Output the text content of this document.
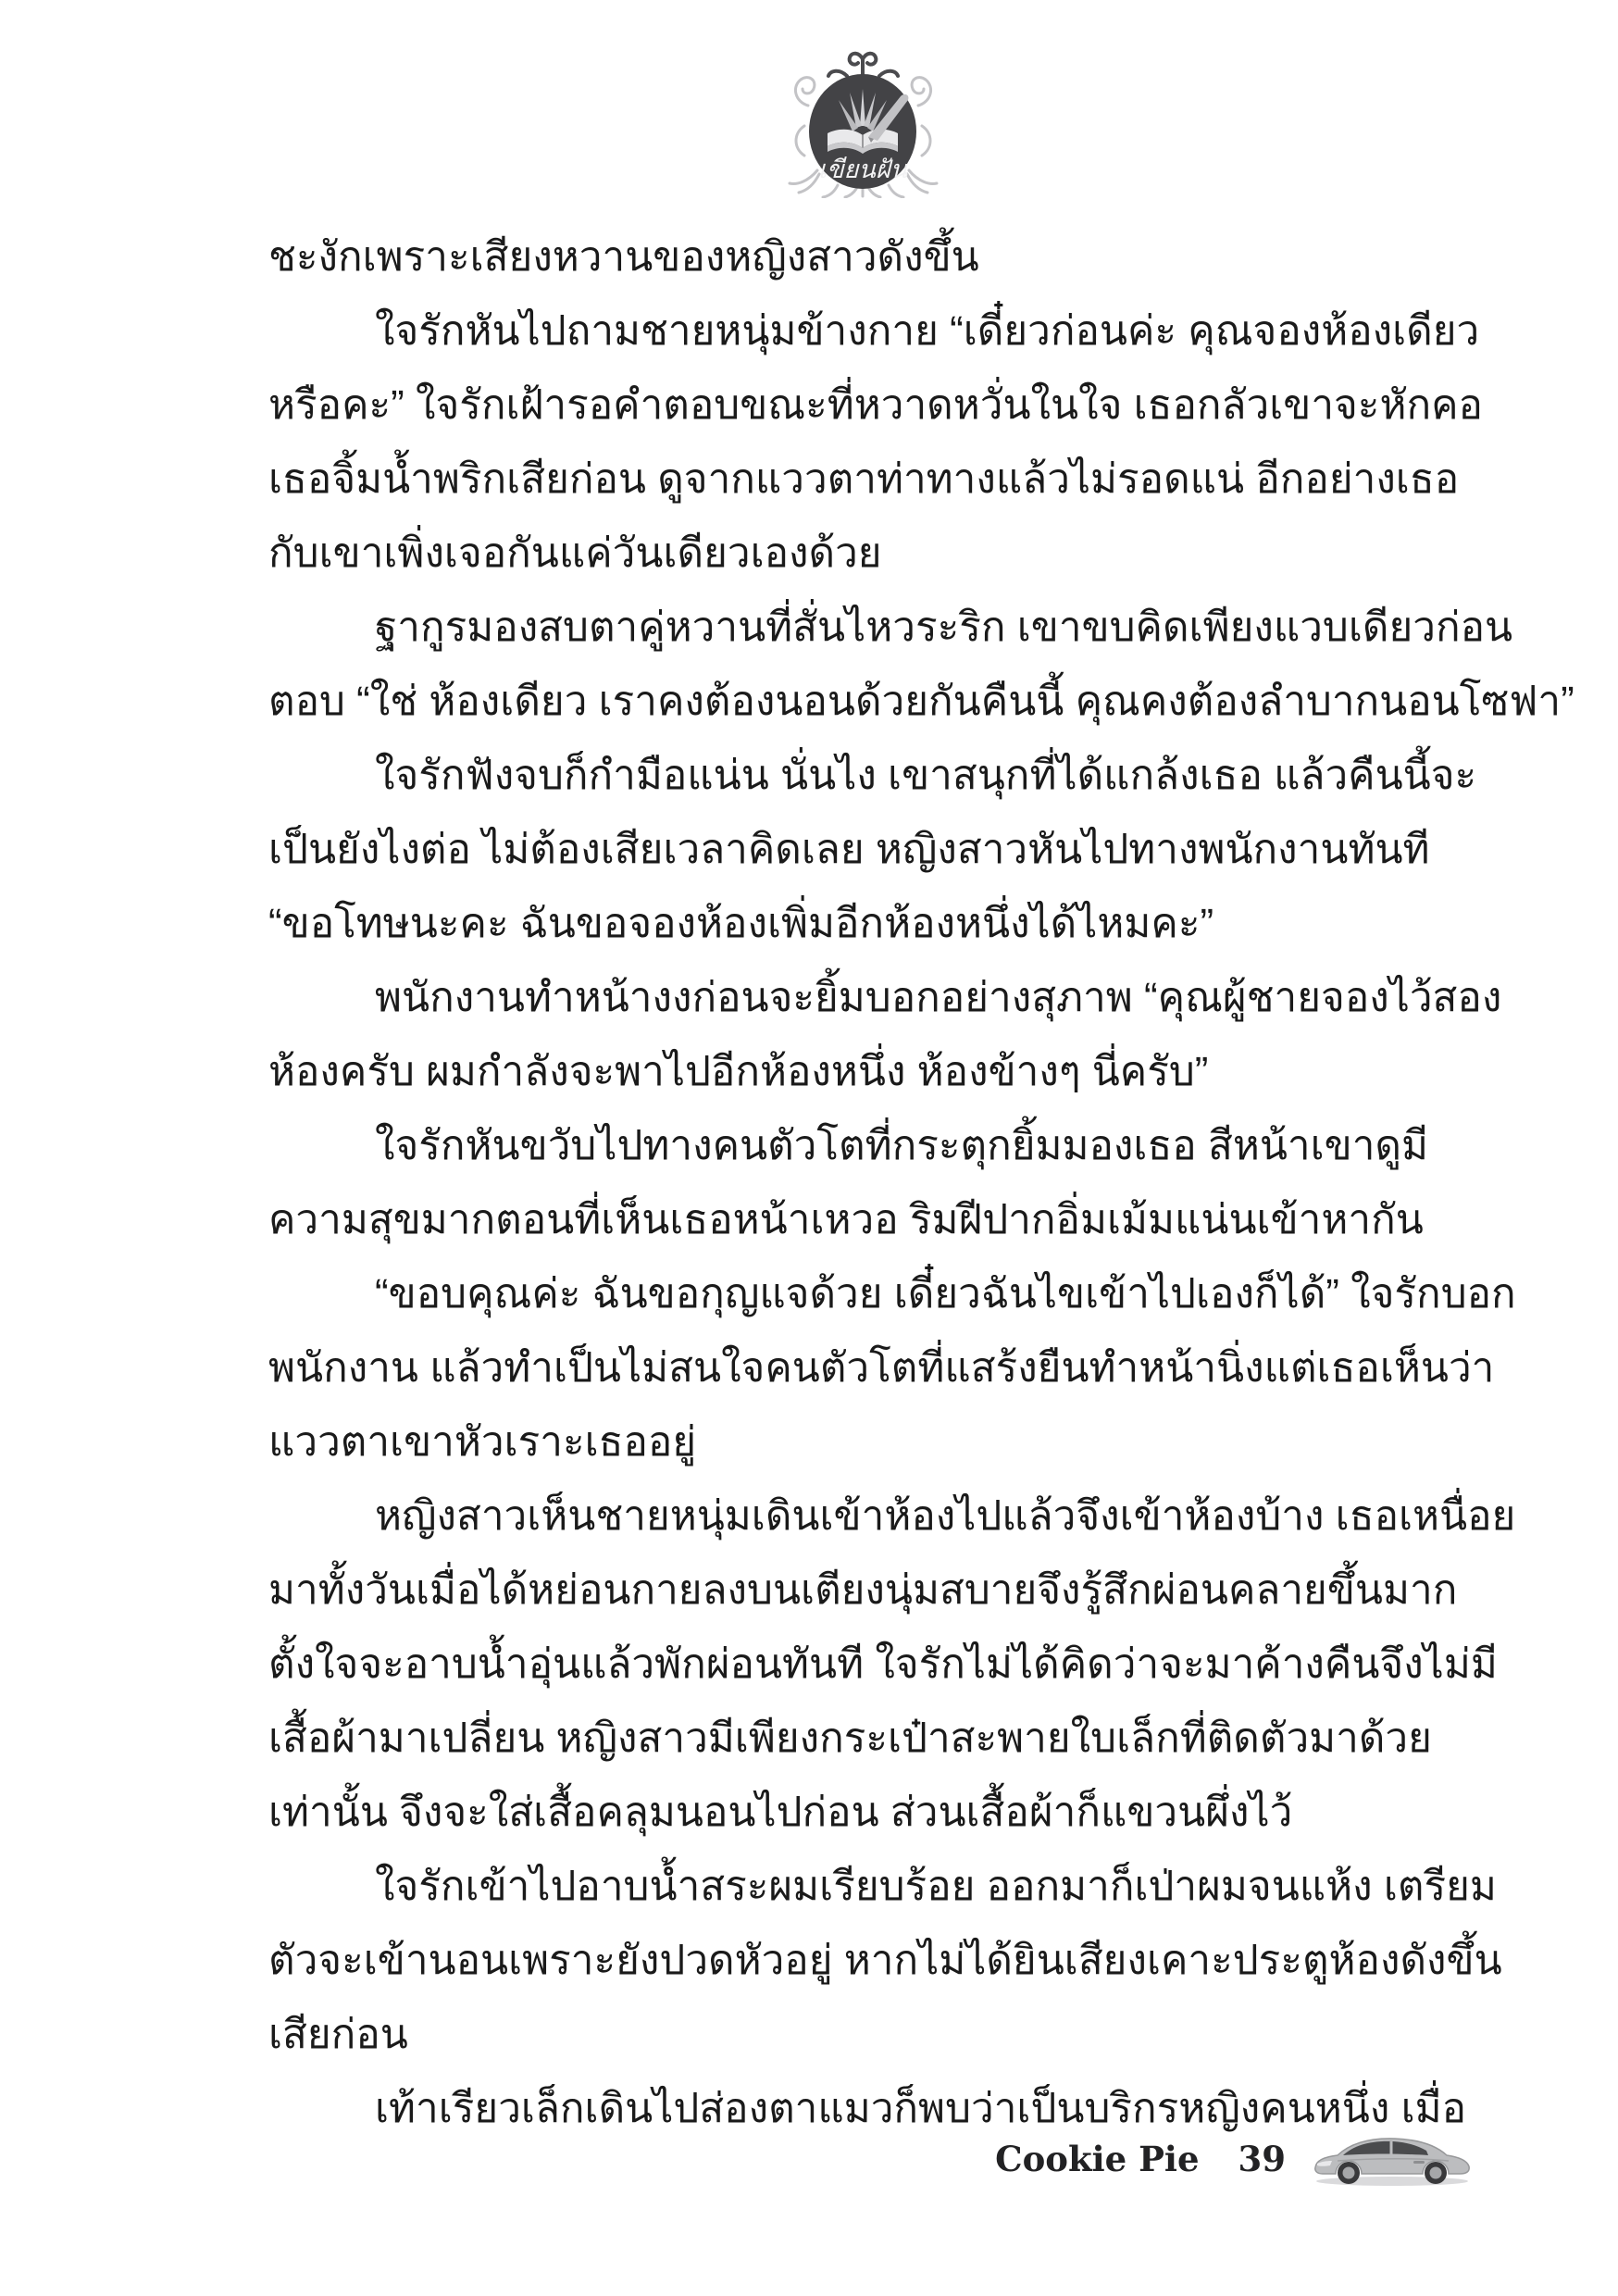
เขียนฝัน
ชะงักเพราะเสียงหวานของหญิงสาวดังขึ้น
ใจรักหันไปถามชายหนุ่มข้างกาย “เดี๋ยวก่อนค่ะ คุณจองห้องเดียว
หรือคะ” ใจรักเฝ้ารอคำตอบขณะที่หวาดหวั่นในใจ เธอกลัวเขาจะหักคอ
เธอจิ้มน้ำพริกเสียก่อน ดูจากแววตาท่าทางแล้วไม่รอดแน่ อีกอย่างเธอ
กับเขาเพิ่งเจอกันแค่วันเดียวเองด้วย
ฐากูรมองสบตาคู่หวานที่สั่นไหวระริก เขาขบคิดเพียงแวบเดียวก่อน
ตอบ “ใช่ ห้องเดียว เราคงต้องนอนด้วยกันคืนนี้ คุณคงต้องลำบากนอนโซฟา”
ใจรักฟังจบก็กำมือแน่น นั่นไง เขาสนุกที่ได้แกล้งเธอ แล้วคืนนี้จะ
เป็นยังไงต่อ ไม่ต้องเสียเวลาคิดเลย หญิงสาวหันไปทางพนักงานทันที
“ขอโทษนะคะ ฉันขอจองห้องเพิ่มอีกห้องหนึ่งได้ไหมคะ”
พนักงานทำหน้างงก่อนจะยิ้มบอกอย่างสุภาพ “คุณผู้ชายจองไว้สอง
ห้องครับ ผมกำลังจะพาไปอีกห้องหนึ่ง ห้องข้างๆ นี่ครับ”
ใจรักหันขวับไปทางคนตัวโตที่กระตุกยิ้มมองเธอ สีหน้าเขาดูมี
ความสุขมากตอนที่เห็นเธอหน้าเหวอ ริมฝีปากอิ่มเม้มแน่นเข้าหากัน
“ขอบคุณค่ะ ฉันขอกุญแจด้วย เดี๋ยวฉันไขเข้าไปเองก็ได้” ใจรักบอก
พนักงาน แล้วทำเป็นไม่สนใจคนตัวโตที่แสร้งยืนทำหน้านิ่งแต่เธอเห็นว่า
แววตาเขาหัวเราะเธออยู่
หญิงสาวเห็นชายหนุ่มเดินเข้าห้องไปแล้วจึงเข้าห้องบ้าง เธอเหนื่อย
มาทั้งวันเมื่อได้หย่อนกายลงบนเตียงนุ่มสบายจึงรู้สึกผ่อนคลายขึ้นมาก
ตั้งใจจะอาบน้ำอุ่นแล้วพักผ่อนทันที ใจรักไม่ได้คิดว่าจะมาค้างคืนจึงไม่มี
เสื้อผ้ามาเปลี่ยน หญิงสาวมีเพียงกระเป๋าสะพายใบเล็กที่ติดตัวมาด้วย
เท่านั้น จึงจะใส่เสื้อคลุมนอนไปก่อน ส่วนเสื้อผ้าก็แขวนผึ่งไว้
ใจรักเข้าไปอาบน้ำสระผมเรียบร้อย ออกมาก็เป่าผมจนแห้ง เตรียม
ตัวจะเข้านอนเพราะยังปวดหัวอยู่ หากไม่ได้ยินเสียงเคาะประตูห้องดังขึ้น
เสียก่อน
เท้าเรียวเล็กเดินไปส่องตาแมวก็พบว่าเป็นบริกรหญิงคนหนึ่ง เมื่อ
Cookie Pie 39
